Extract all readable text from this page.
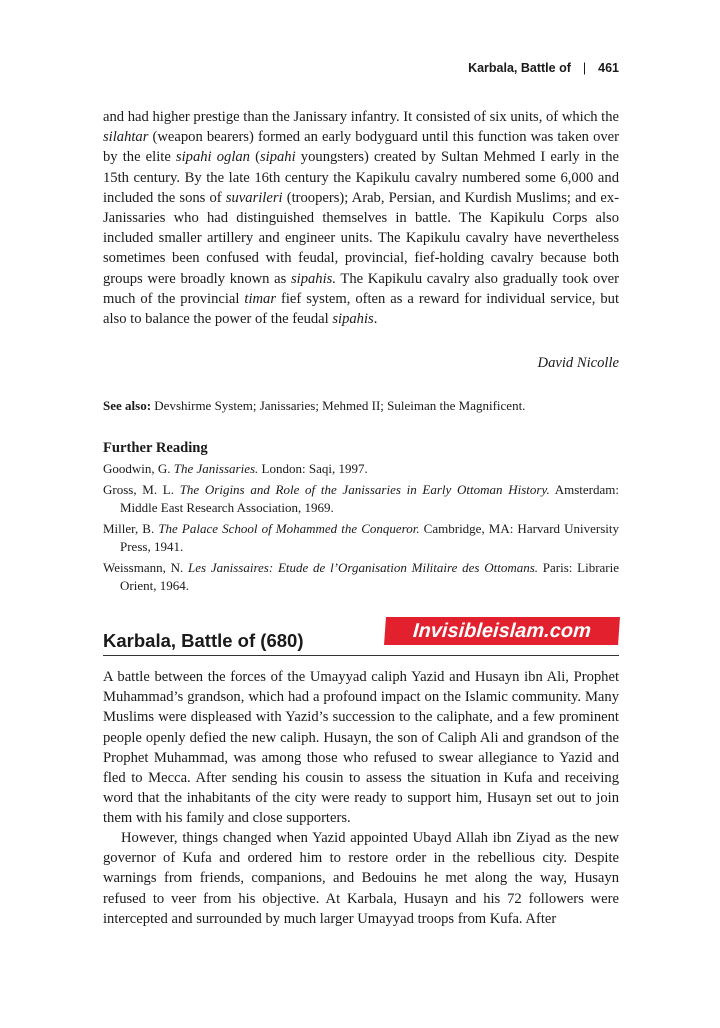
Karbala, Battle of | 461

and had higher prestige than the Janissary infantry. It consisted of six units, of which the silahtar (weapon bearers) formed an early bodyguard until this function was taken over by the elite sipahi oglan (sipahi youngsters) created by Sultan Mehmed I early in the 15th century. By the late 16th century the Kapikulu cavalry numbered some 6,000 and included the sons of suvarileri (troopers); Arab, Persian, and Kurdish Muslims; and ex-Janissaries who had distinguished themselves in battle. The Kapikulu Corps also included smaller artillery and engineer units. The Kapikulu cavalry have nevertheless sometimes been confused with feudal, provincial, fief-holding cavalry because both groups were broadly known as sipahis. The Kapikulu cavalry also gradually took over much of the provincial timar fief system, often as a reward for individual service, but also to balance the power of the feudal sipahis.

David Nicolle
See also: Devshirme System; Janissaries; Mehmed II; Suleiman the Magnificent.
Further Reading

Goodwin, G. The Janissaries. London: Saqi, 1997.

Gross, M. L. The Origins and Role of the Janissaries in Early Ottoman History. Amsterdam: Middle East Research Association, 1969.

Miller, B. The Palace School of Mohammed the Conqueror. Cambridge, MA: Harvard University Press, 1941.

Weissmann, N. Les Janissaires: Etude de l’Organisation Militaire des Ottomans. Paris: Librarie Orient, 1964.

Karbala, Battle of (680)	Invisibleislam.com

A battle between the forces of the Umayyad caliph Yazid and Husayn ibn Ali, Prophet Muhammad’s grandson, which had a profound impact on the Islamic community. Many Muslims were displeased with Yazid’s succession to the caliphate, and a few prominent people openly defied the new caliph. Husayn, the son of Caliph Ali and grandson of the Prophet Muhammad, was among those who refused to swear allegiance to Yazid and fled to Mecca. After sending his cousin to assess the situation in Kufa and receiving word that the inhabitants of the city were ready to support him, Husayn set out to join them with his family and close supporters.

However, things changed when Yazid appointed Ubayd Allah ibn Ziyad as the new governor of Kufa and ordered him to restore order in the rebellious city. Despite warnings from friends, companions, and Bedouins he met along the way, Husayn refused to veer from his objective. At Karbala, Husayn and his 72 followers were intercepted and surrounded by much larger Umayyad troops from Kufa. After
